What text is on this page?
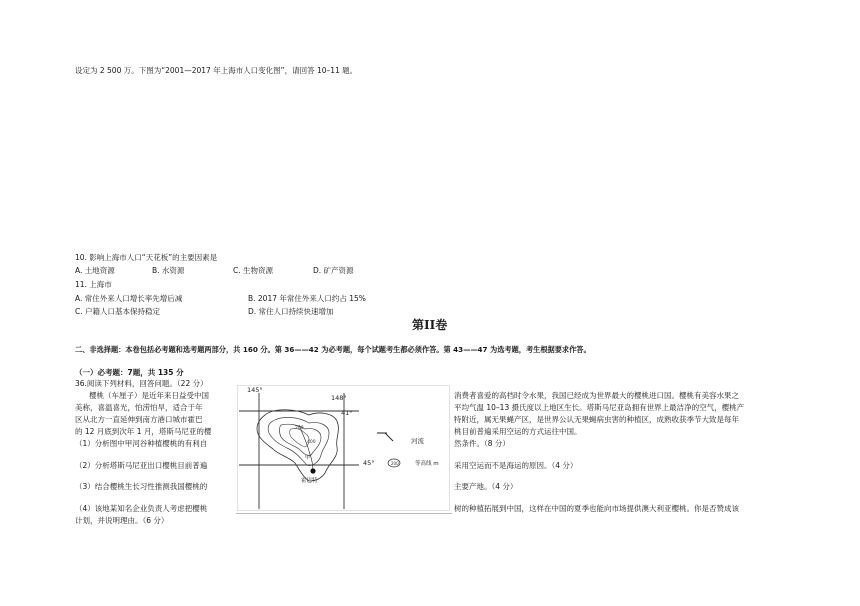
设定为 2 500 万。下图为“2001—2017 年上海市人口变化图”，请回答 10–11 题。
10. 影响上海市人口“天花板”的主要因素是
A. 土地资源	B. 水资源	C. 生物资源	D. 矿产资源
11. 上海市
A. 常住外来人口增长率先增后减	B. 2017 年常住外来人口约占 15%
C. 户籍人口基本保持稳定	D. 常住人口持续快速增加
第II卷
二、非选择题：本卷包括必考题和选考题两部分，共 160 分。第 36——42 为必考题，每个试题考生都必须作答。第 43——47 为选考题，考生根据要求作答。
（一）必考题：7题，共 135 分
36.阅读下列材料，回答问题。（22 分）
樱桃（车厘子）是近年来日益受中国
美称，喜温喜光，怕涝怕旱，适合于年
区从北方一直延伸到南方港口城市霍巴
的 12 月底到次年 1 月，塔斯马尼亚的樱
消费者喜爱的高档时令水果，我国已经成为世界最大的樱桃进口国。樱桃有美容水果之
平均气温 10–13 摄氏度以上地区生长。塔斯马尼亚岛拥有世界上最洁净的空气，樱桃产
特附近，属无果蝇产区，是世界公认无果蝇病虫害的种植区，成熟收获季节大致是每年
桃目前普遍采用空运的方式运往中国。
（1）分析图中甲河谷种植樱桃的有利自	然条件。（8 分）
（2）分析塔斯马尼亚出口樱桃目前普遍	采用空运而不是海运的原因。（4 分）
（3）结合樱桃生长习性推测我国樱桃的	主要产地。（4 分）
（4）该地某知名企业负责人考虑把樱桃	树的种植拓展到中国，这样在中国的夏季也能向市场提供澳大利亚樱桃。你是否赞成该
计划，并说明理由。（6 分）
145°
148°
41°
45°
200
400
甲
霍巴特
河流
200	等高线 m
